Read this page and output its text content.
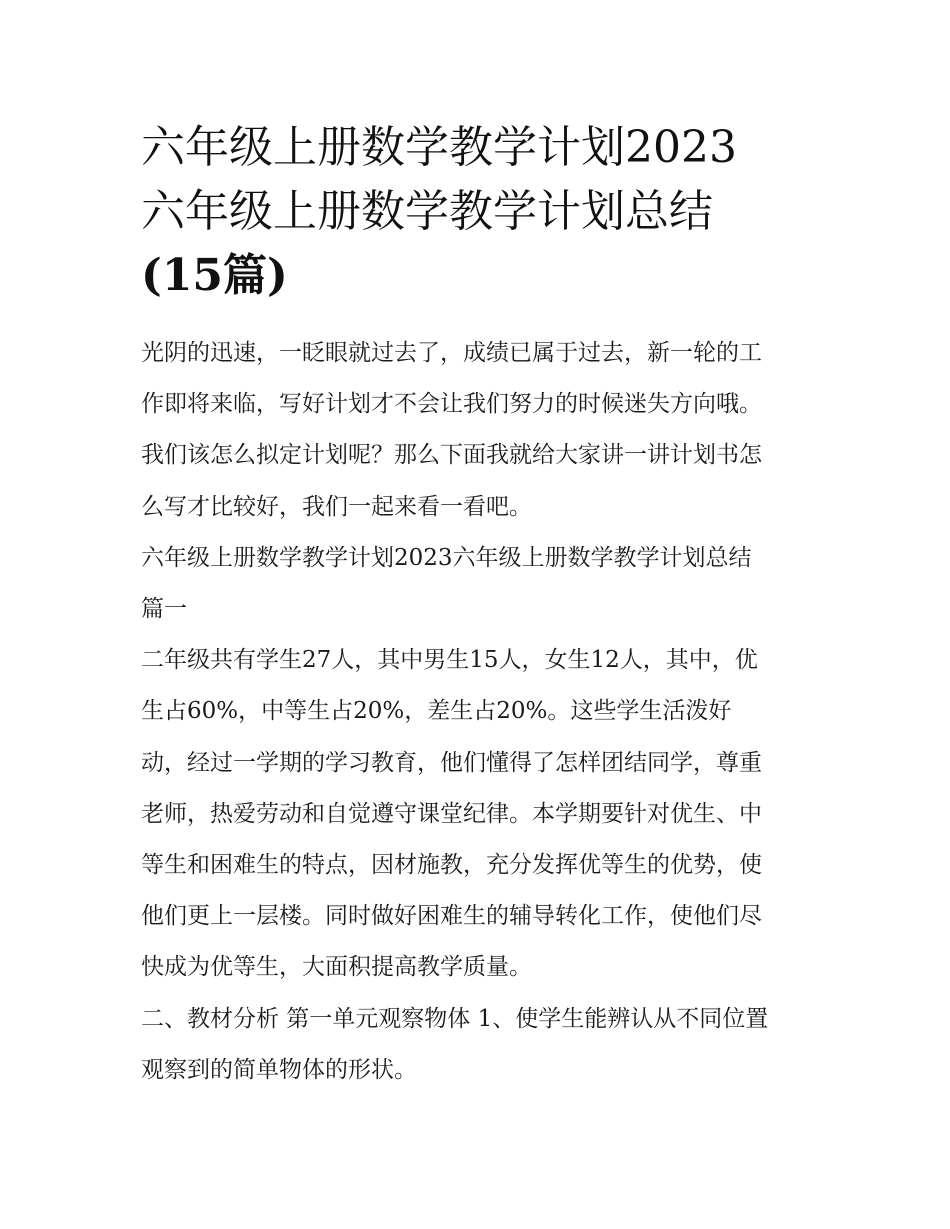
六年级上册数学教学计划2023
六年级上册数学教学计划总结
(15篇)

光阴的迅速，一眨眼就过去了，成绩已属于过去，新一轮的工
作即将来临，写好计划才不会让我们努力的时候迷失方向哦。
我们该怎么拟定计划呢？那么下面我就给大家讲一讲计划书怎
么写才比较好，我们一起来看一看吧。

六年级上册数学教学计划2023六年级上册数学教学计划总结
篇一

二年级共有学生27人，其中男生15人，女生12人，其中，优
生占60%，中等生占20%，差生占20%。这些学生活泼好
动，经过一学期的学习教育，他们懂得了怎样团结同学，尊重
老师，热爱劳动和自觉遵守课堂纪律。本学期要针对优生、中
等生和困难生的特点，因材施教，充分发挥优等生的优势，使
他们更上一层楼。同时做好困难生的辅导转化工作，使他们尽
快成为优等生，大面积提高教学质量。

二、教材分析 第一单元观察物体 1、使学生能辨认从不同位置
观察到的简单物体的形状。
